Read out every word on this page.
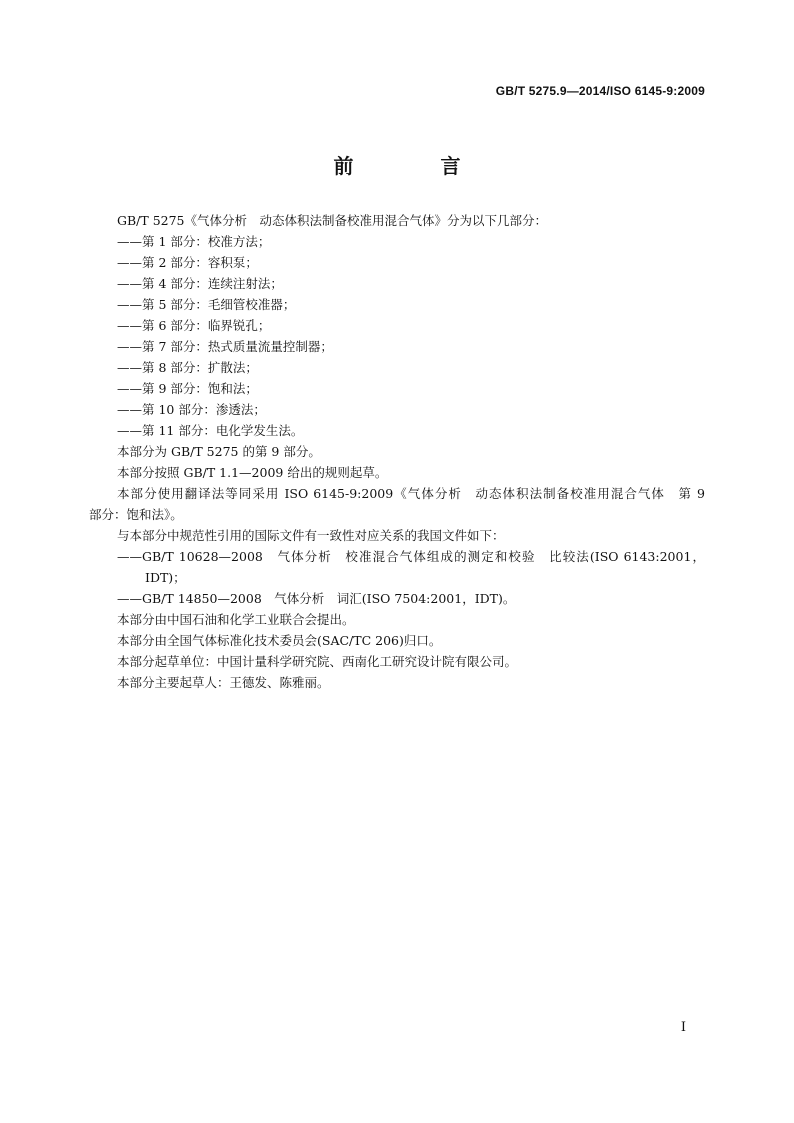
GB/T 5275.9—2014/ISO 6145-9:2009
前 言

GB/T 5275《气体分析　动态体积法制备校准用混合气体》分为以下几部分：

——第 1 部分：校准方法；

——第 2 部分：容积泵；

——第 4 部分：连续注射法；

——第 5 部分：毛细管校准器；

——第 6 部分：临界锐孔；

——第 7 部分：热式质量流量控制器；

——第 8 部分：扩散法；

——第 9 部分：饱和法；

——第 10 部分：渗透法；

——第 11 部分：电化学发生法。

本部分为 GB/T 5275 的第 9 部分。

本部分按照 GB/T 1.1—2009 给出的规则起草。

本部分使用翻译法等同采用 ISO 6145-9:2009《气体分析　动态体积法制备校准用混合气体　第 9

部分：饱和法》。

与本部分中规范性引用的国际文件有一致性对应关系的我国文件如下：

——GB/T 10628—2008　气体分析　校准混合气体组成的测定和校验　比较法(ISO 6143:2001，IDT)；

——GB/T 14850—2008　气体分析　词汇(ISO 7504:2001，IDT)。

本部分由中国石油和化学工业联合会提出。

本部分由全国气体标准化技术委员会(SAC/TC 206)归口。

本部分起草单位：中国计量科学研究院、西南化工研究设计院有限公司。

本部分主要起草人：王德发、陈雅丽。

I
